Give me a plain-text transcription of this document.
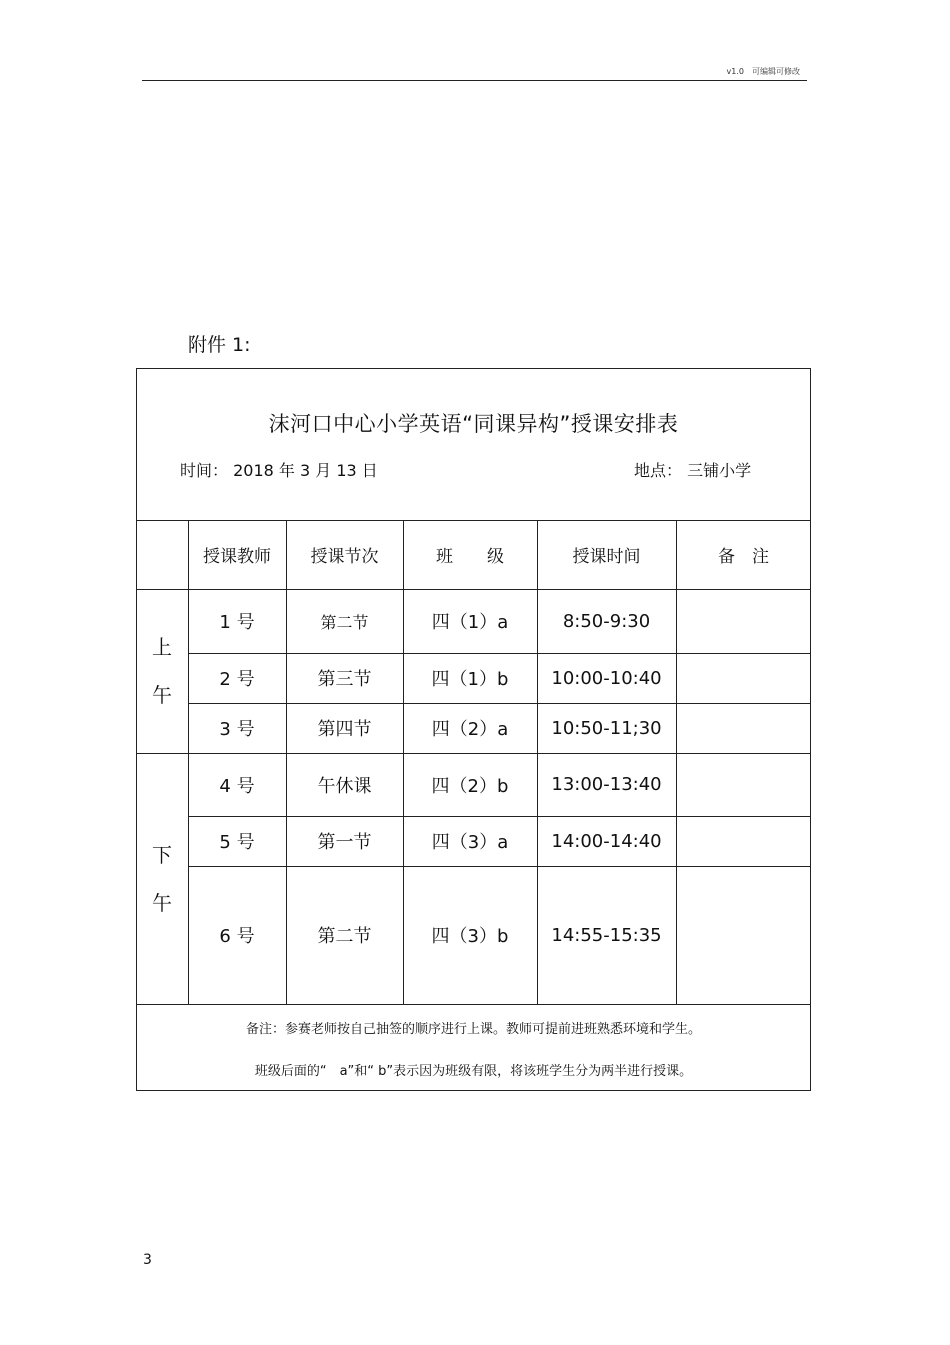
v1.0　可编辑可修改
附件 1:
沫河口中心小学英语“同课异构”授课安排表
时间： 2018 年 3 月 13 日	地点： 三铺小学
授课教师	授课节次	班　　级	授课时间	备　注
上
午
下
午
1 号	第二节	四（1）a	8:50-9:30
2 号	第三节	四（1）b	10:00-10:40
3 号	第四节	四（2）a	10:50-11;30
4 号	午休课	四（2）b	13:00-13:40
5 号	第一节	四（3）a	14:00-14:40
6 号	第二节	四（3）b	14:55-15:35
备注：参赛老师按自己抽签的顺序进行上课。教师可提前进班熟悉环境和学生。
班级后面的“　a”和“ b”表示因为班级有限，将该班学生分为两半进行授课。
3
